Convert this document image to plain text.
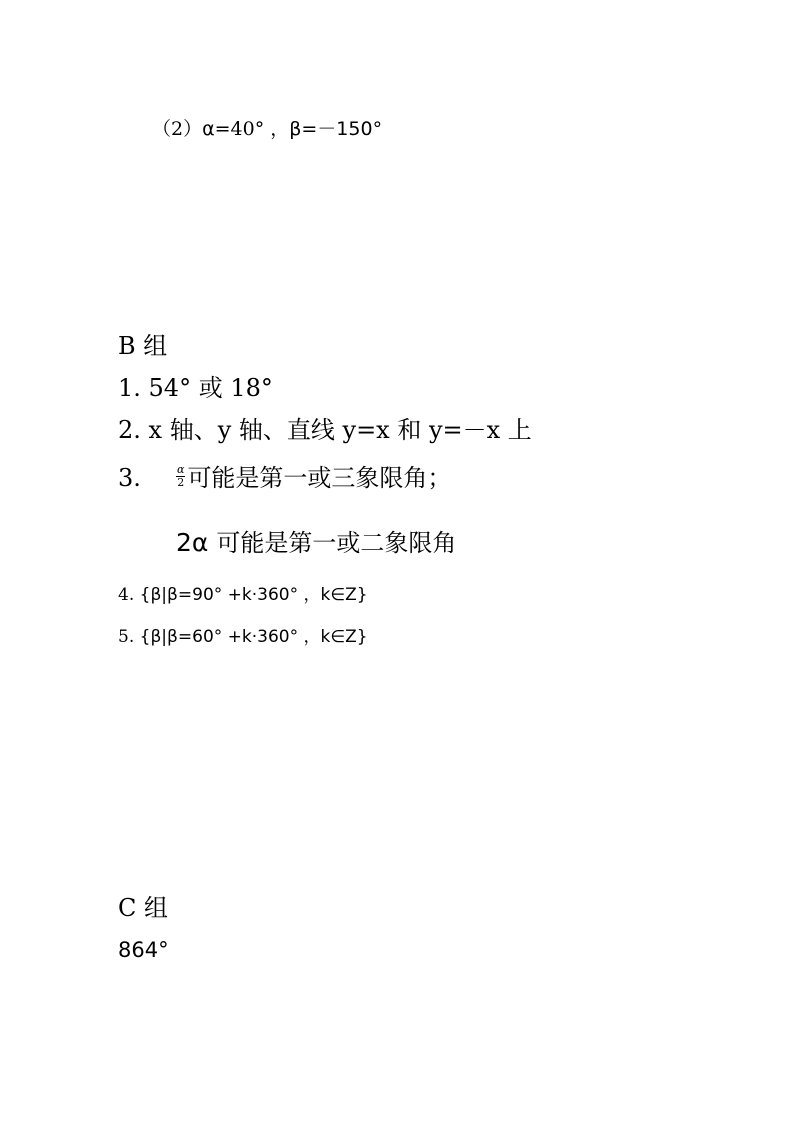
（2）α=40° ，β=－150°
B 组
1. 54° 或 18°
2. x 轴、y 轴、直线 y=x 和 y=－x 上
3.	$\frac{\alpha}{2}$ 可能是第一或三象限角；
2α 可能是第一或二象限角
4. {β|β=90° +k·360° ，k∈Z}
5. {β|β=60° +k·360° ，k∈Z}
C 组
864°
